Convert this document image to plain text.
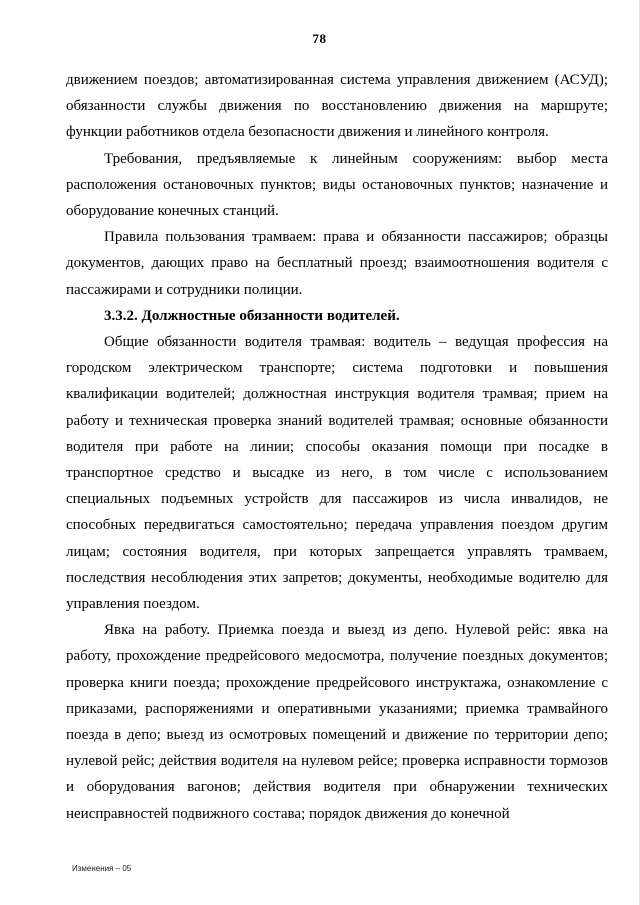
78

движением поездов; автоматизированная система управления движением (АСУД); обязанности службы движения по восстановлению движения на маршруте; функции работников отдела безопасности движения и линейного контроля.

Требования, предъявляемые к линейным сооружениям: выбор места расположения остановочных пунктов; виды остановочных пунктов; назначение и оборудование конечных станций.

Правила пользования трамваем: права и обязанности пассажиров; образцы документов, дающих право на бесплатный проезд; взаимоотношения водителя с пассажирами и сотрудники полиции.

3.3.2. Должностные обязанности водителей.

Общие обязанности водителя трамвая: водитель – ведущая профессия на городском электрическом транспорте; система подготовки и повышения квалификации водителей; должностная инструкция водителя трамвая; прием на работу и техническая проверка знаний водителей трамвая; основные обязанности водителя при работе на линии; способы оказания помощи при посадке в транспортное средство и высадке из него, в том числе с использованием специальных подъемных устройств для пассажиров из числа инвалидов, не способных передвигаться самостоятельно; передача управления поездом другим лицам; состояния водителя, при которых запрещается управлять трамваем, последствия несоблюдения этих запретов; документы, необходимые водителю для управления поездом.

Явка на работу. Приемка поезда и выезд из депо. Нулевой рейс: явка на работу, прохождение предрейсового медосмотра, получение поездных документов; проверка книги поезда; прохождение предрейсового инструктажа, ознакомление с приказами, распоряжениями и оперативными указаниями; приемка трамвайного поезда в депо; выезд из осмотровых помещений и движение по территории депо; нулевой рейс; действия водителя на нулевом рейсе; проверка исправности тормозов и оборудования вагонов; действия водителя при обнаружении технических неисправностей подвижного состава; порядок движения до конечной

Изменения – 05
